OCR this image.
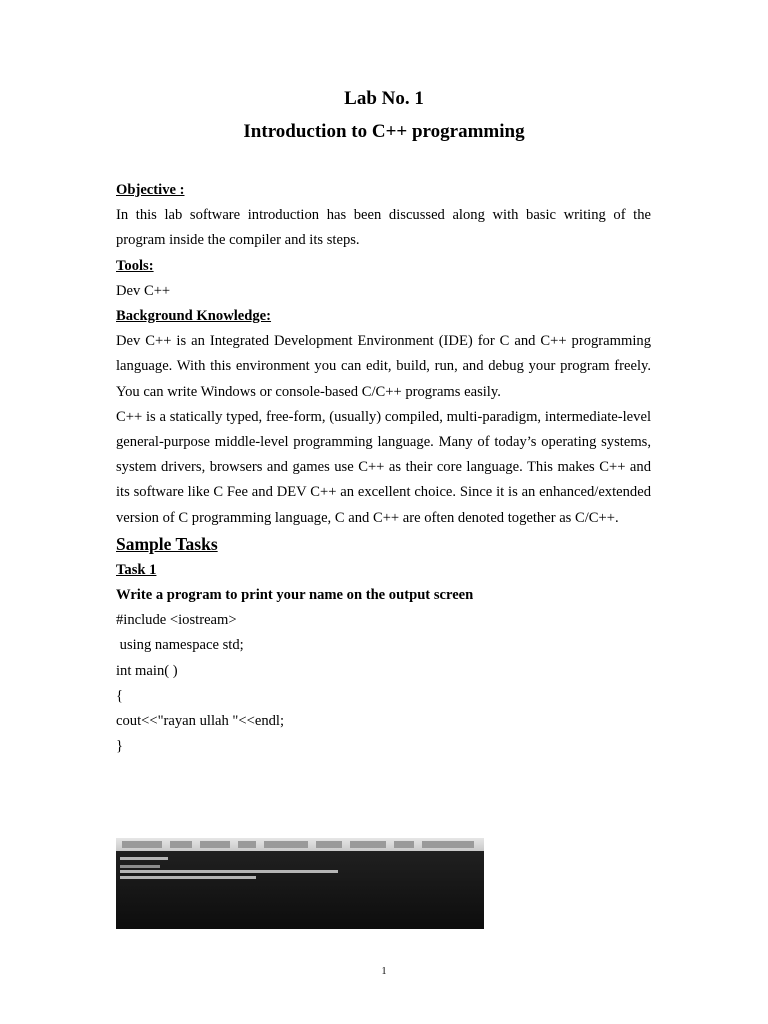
Lab No. 1
Introduction to C++ programming

Objective :

In this lab software introduction has been discussed along with basic writing of the program inside the compiler and its steps.

Tools:

Dev C++

Background Knowledge:

Dev C++ is an Integrated Development Environment (IDE) for C and C++ programming language. With this environment you can edit, build, run, and debug your program freely. You can write Windows or console-based C/C++ programs easily.

C++ is a statically typed, free-form, (usually) compiled, multi-paradigm, intermediate-level general-purpose middle-level programming language. Many of today’s operating systems, system drivers, browsers and games use C++ as their core language. This makes C++ and its software like C Fee and DEV C++ an excellent choice. Since it is an enhanced/extended version of C programming language, C and C++ are often denoted together as C/C++.

Sample Tasks

Task 1

Write a program to print your name on the output screen

#include <iostream>

using namespace std;

int main( )

{

cout<<"rayan ullah "<<endl;

}

1
